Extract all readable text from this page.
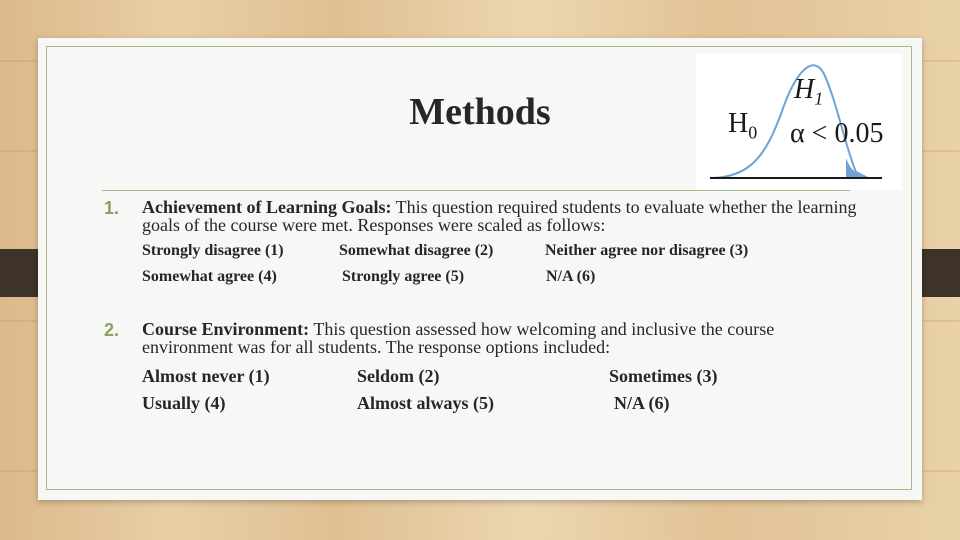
Methods
$H_1$
$H_0$ α < 0.05
1. Achievement of Learning Goals: This question required students to evaluate whether the learning goals of the course were met. Responses were scaled as follows:
Strongly disagree (1)	Somewhat disagree (2)	Neither agree nor disagree (3)
Somewhat agree (4)	Strongly agree (5)	N/A (6)
2. Course Environment: This question assessed how welcoming and inclusive the course environment was for all students. The response options included:
Almost never (1)	Seldom (2)	Sometimes (3)
Usually (4)	Almost always (5)	N/A (6)
